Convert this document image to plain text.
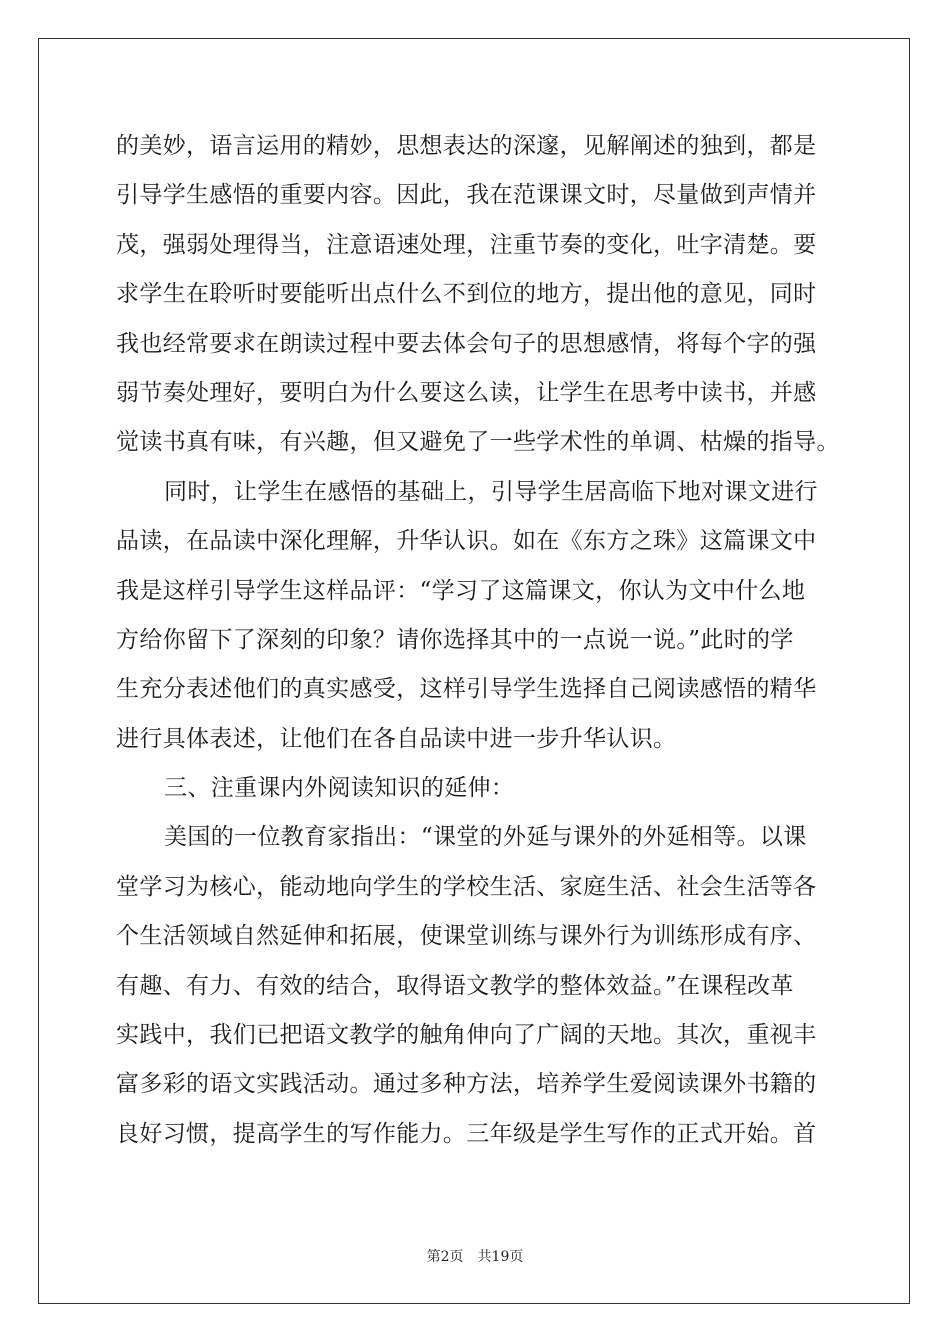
的美妙，语言运用的精妙，思想表达的深邃，见解阐述的独到，都是
引导学生感悟的重要内容。因此，我在范课课文时，尽量做到声情并
茂，强弱处理得当，注意语速处理，注重节奏的变化，吐字清楚。要
求学生在聆听时要能听出点什么不到位的地方，提出他的意见，同时
我也经常要求在朗读过程中要去体会句子的思想感情，将每个字的强
弱节奏处理好，要明白为什么要这么读，让学生在思考中读书，并感
觉读书真有味，有兴趣，但又避免了一些学术性的单调、枯燥的指导。
同时，让学生在感悟的基础上，引导学生居高临下地对课文进行
品读，在品读中深化理解，升华认识。如在《东方之珠》这篇课文中
我是这样引导学生这样品评：“学习了这篇课文，你认为文中什么地
方给你留下了深刻的印象？请你选择其中的一点说一说。”此时的学
生充分表述他们的真实感受，这样引导学生选择自己阅读感悟的精华
进行具体表述，让他们在各自品读中进一步升华认识。
三、注重课内外阅读知识的延伸：
美国的一位教育家指出：“课堂的外延与课外的外延相等。以课
堂学习为核心，能动地向学生的学校生活、家庭生活、社会生活等各
个生活领域自然延伸和拓展，使课堂训练与课外行为训练形成有序、
有趣、有力、有效的结合，取得语文教学的整体效益。”在课程改革
实践中，我们已把语文教学的触角伸向了广阔的天地。其次，重视丰
富多彩的语文实践活动。通过多种方法，培养学生爱阅读课外书籍的
良好习惯，提高学生的写作能力。三年级是学生写作的正式开始。首
第2页 共19页
